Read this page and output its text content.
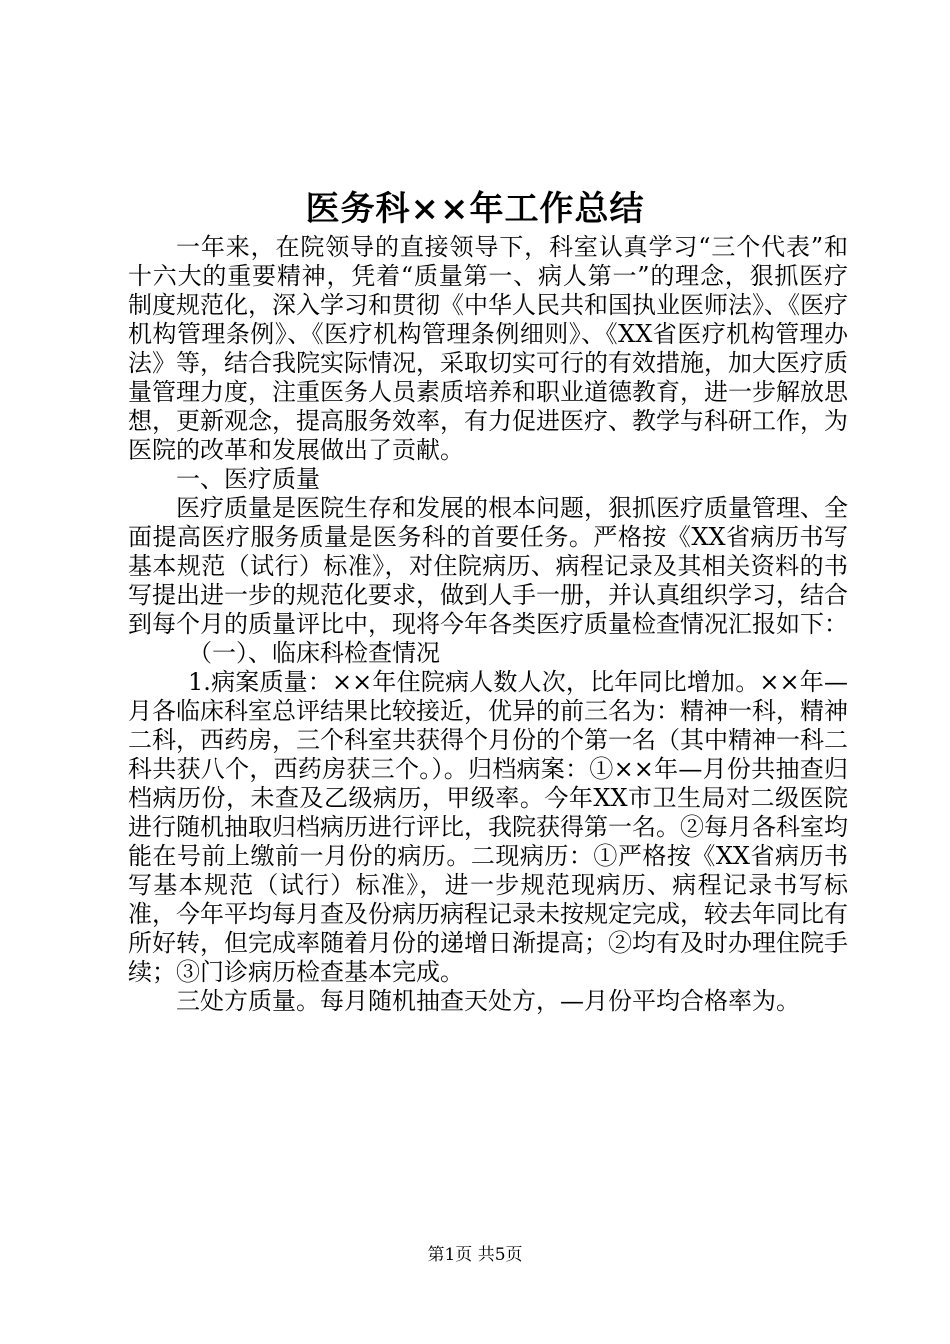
医务科××年工作总结

一年来，在院领导的直接领导下，科室认真学习“三个代表”和十六大的重要精神，凭着“质量第一、病人第一”的理念，狠抓医疗制度规范化，深入学习和贯彻《中华人民共和国执业医师法》、《医疗机构管理条例》、《医疗机构管理条例细则》、《XX省医疗机构管理办法》等，结合我院实际情况，采取切实可行的有效措施，加大医疗质量管理力度，注重医务人员素质培养和职业道德教育，进一步解放思想，更新观念，提高服务效率，有力促进医疗、教学与科研工作，为医院的改革和发展做出了贡献。

一、医疗质量

医疗质量是医院生存和发展的根本问题，狠抓医疗质量管理、全面提高医疗服务质量是医务科的首要任务。严格按《XX省病历书写基本规范（试行）标准》，对住院病历、病程记录及其相关资料的书写提出进一步的规范化要求，做到人手一册，并认真组织学习，结合到每个月的质量评比中，现将今年各类医疗质量检查情况汇报如下：

（一）、临床科检查情况

1.病案质量：××年住院病人数人次，比年同比增加。××年—月各临床科室总评结果比较接近，优异的前三名为：精神一科，精神二科，西药房，三个科室共获得个月份的个第一名（其中精神一科二科共获八个，西药房获三个。）。归档病案：①××年—月份共抽查归档病历份，未查及乙级病历，甲级率。今年XX市卫生局对二级医院进行随机抽取归档病历进行评比，我院获得第一名。②每月各科室均能在号前上缴前一月份的病历。二现病历：①严格按《XX省病历书写基本规范（试行）标准》，进一步规范现病历、病程记录书写标准，今年平均每月查及份病历病程记录未按规定完成，较去年同比有所好转，但完成率随着月份的递增日渐提高；②均有及时办理住院手续；③门诊病历检查基本完成。

三处方质量。每月随机抽查天处方，—月份平均合格率为。

第1页 共5页
